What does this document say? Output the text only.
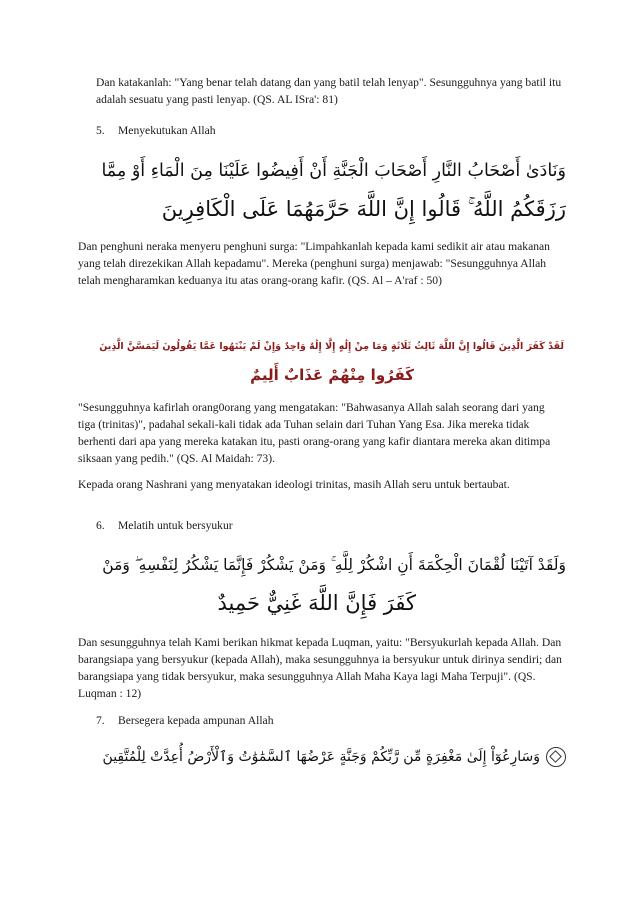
Dan katakanlah: "Yang benar telah datang dan yang batil telah lenyap". Sesungguhnya yang batil itu adalah sesuatu yang pasti lenyap. (QS. AL ISra': 81)

5. Menyekutukan Allah
وَنَادَىٰ أَصْحَابُ النَّارِ أَصْحَابَ الْجَنَّةِ أَنْ أَفِيضُوا عَلَيْنَا مِنَ الْمَاءِ أَوْ مِمَّا
رَزَقَكُمُ اللَّهُ ۚ قَالُوا إِنَّ اللَّهَ حَرَّمَهُمَا عَلَى الْكَافِرِينَ

Dan penghuni neraka menyeru penghuni surga: "Limpahkanlah kepada kami sedikit air atau makanan yang telah direzekikan Allah kepadamu". Mereka (penghuni surga) menjawab: "Sesungguhnya Allah telah mengharamkan keduanya itu atas orang-orang kafir. (QS. Al – A'raf : 50)

لَقَدْ كَفَرَ الَّذِينَ قَالُوا إِنَّ اللَّهَ ثَالِثُ ثَلَاثَةٍ وَمَا مِنْ إِلَٰهٍ إِلَّا إِلَٰهٌ وَاحِدٌ وَإِنْ لَمْ يَنْتَهُوا عَمَّا يَقُولُونَ لَيَمَسَّنَّ الَّذِينَ
كَفَرُوا مِنْهُمْ عَذَابٌ أَلِيمٌ

"Sesungguhnya kafirlah orang0orang yang mengatakan: "Bahwasanya Allah salah seorang dari yang tiga (trinitas)", padahal sekali-kali tidak ada Tuhan selain dari Tuhan Yang Esa. Jika mereka tidak berhenti dari apa yang mereka katakan itu, pasti orang-orang yang kafir diantara mereka akan ditimpa siksaan yang pedih." (QS. Al Maidah: 73).

Kepada orang Nashrani yang menyatakan ideologi trinitas, masih Allah seru untuk bertaubat.

6. Melatih untuk bersyukur
وَلَقَدْ آتَيْنَا لُقْمَانَ الْحِكْمَةَ أَنِ اشْكُرْ لِلَّهِ ۚ وَمَنْ يَشْكُرْ فَإِنَّمَا يَشْكُرُ لِنَفْسِهِ ۖ وَمَنْ
كَفَرَ فَإِنَّ اللَّهَ غَنِيٌّ حَمِيدٌ

Dan sesungguhnya telah Kami berikan hikmat kepada Luqman, yaitu: "Bersyukurlah kepada Allah. Dan barangsiapa yang bersyukur (kepada Allah), maka sesungguhnya ia bersyukur untuk dirinya sendiri; dan barangsiapa yang tidak bersyukur, maka sesungguhnya Allah Maha Kaya lagi Maha Terpuji". (QS. Luqman : 12)

7. Bersegera kepada ampunan Allah
وَسَارِعُوٓاْ إِلَىٰ مَغْفِرَةٍ مِّن رَّبِّكُمْ وَجَنَّةٍ عَرْضُهَا ٱلسَّمَٰوَٰتُ وَٱلْأَرْضُ أُعِدَّتْ لِلْمُتَّقِينَ
